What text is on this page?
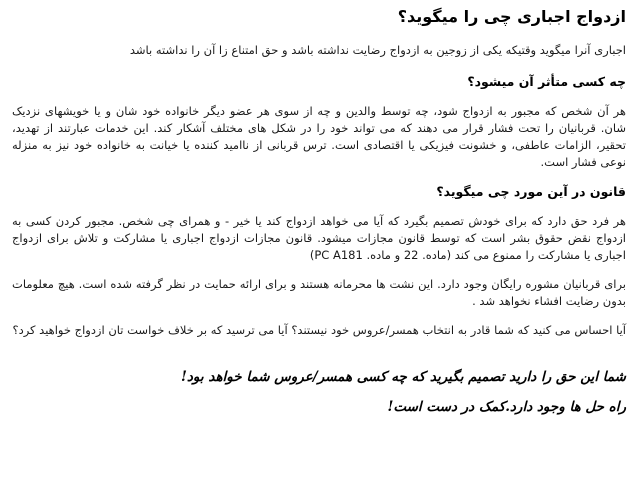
ازدواج اجباری چی را میگوید؟
اجباری آنرا میگوید وقتیکه یکی از زوجین به ازدواج رضایت نداشته باشد و حق امتناع زا آن را نداشته باشد
چه کسی متأثر آن میشود؟
هر آن شخص که مجبور به ازدواج شود، چه توسط والدین و چه از سوی هر عضو دیگر خانواده خود شان و یا خویشهای نزدیک شان. قربانیان را تحت فشار قرار می دهند که می تواند خود را در شکل های مختلف آشکار کند. این خدمات عبارتند از تهدید، تحقیر، الزامات عاطفی، و خشونت فیزیکی یا اقتصادی است. ترس قربانی از ناامید کننده یا خیانت به خانواده خود نیز به منزله نوعی فشار است.
قانون در آین مورد چی میگوید؟
هر فرد حق دارد که برای خودش تصمیم بگیرد که آیا می خواهد ازدواج کند یا خیر - و همرای چی شخص. مجبور کردن کسی به ازدواج نقض حقوق بشر است که توسط قانون مجازات میشود. قانون مجازات ازدواج اجباری یا مشارکت و تلاش برای ازدواج اجباری یا مشارکت را ممنوع می کند (ماده. 22 و ماده. PC A181)
برای قربانیان مشوره رایگان وجود دارد. این نشت ها محرمانه هستند و برای ارائه حمایت در نظر گرفته شده است. هیچ معلومات بدون رضایت افشاء نخواهد شد .
آیا احساس می کنید که شما قادر به انتخاب همسر/عروس خود نیستند؟ آیا می ترسید که بر خلاف خواست تان ازدواج خواهید کرد؟
شما این حق را دارید تصمیم بگیرید که چه کسی همسر/عروس شما خواهد بود!
راه حل ها وجود دارد.کمک در دست است!
